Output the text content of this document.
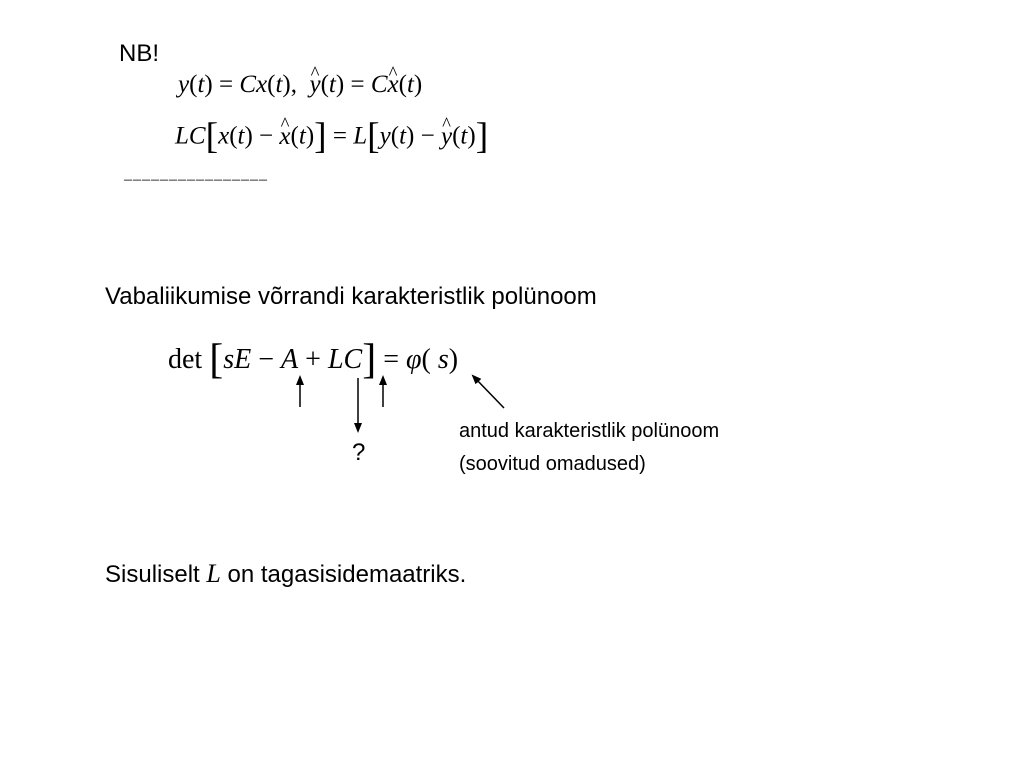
NB!
y(t) = Cx(t),  ^ y(t) = C^ x(t)
LC[x(t) − ^ x(t)] = L[y(t) − ^ y(t)]
‒‒‒‒‒‒‒‒‒‒‒‒‒‒‒‒
Vabaliikumise võrrandi karakteristlik polünoom
det [sE − A + LC] = φ( s)
?
antud karakteristlik polünoom
(soovitud omadused)
Sisuliselt L on tagasisidemaatriks.
